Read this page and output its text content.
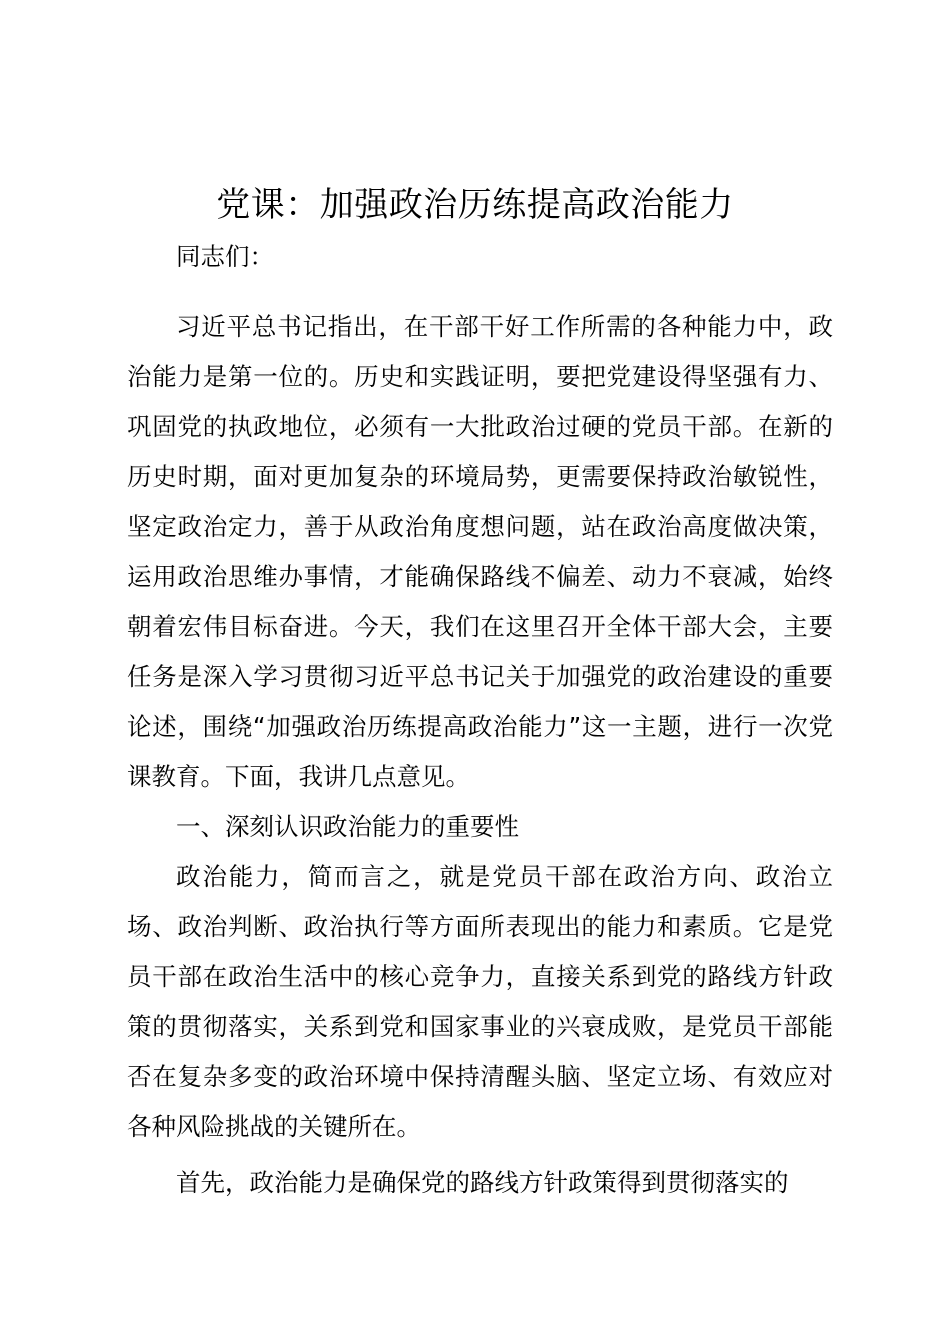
党课：加强政治历练提高政治能力

同志们：

习近平总书记指出，在干部干好工作所需的各种能力中，政治能力是第一位的。历史和实践证明，要把党建设得坚强有力、巩固党的执政地位，必须有一大批政治过硬的党员干部。在新的历史时期，面对更加复杂的环境局势，更需要保持政治敏锐性，坚定政治定力，善于从政治角度想问题，站在政治高度做决策，运用政治思维办事情，才能确保路线不偏差、动力不衰减，始终朝着宏伟目标奋进。今天，我们在这里召开全体干部大会，主要任务是深入学习贯彻习近平总书记关于加强党的政治建设的重要论述，围绕“加强政治历练提高政治能力”这一主题，进行一次党课教育。下面，我讲几点意见。

一、深刻认识政治能力的重要性

政治能力，简而言之，就是党员干部在政治方向、政治立场、政治判断、政治执行等方面所表现出的能力和素质。它是党员干部在政治生活中的核心竞争力，直接关系到党的路线方针政策的贯彻落实，关系到党和国家事业的兴衰成败，是党员干部能否在复杂多变的政治环境中保持清醒头脑、坚定立场、有效应对各种风险挑战的关键所在。

首先，政治能力是确保党的路线方针政策得到贯彻落实的
